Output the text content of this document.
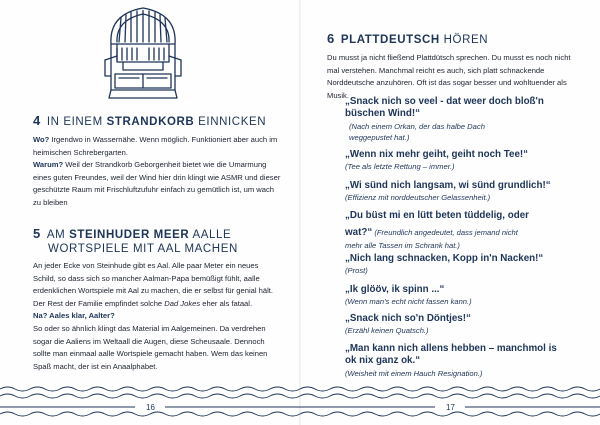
4 IN EINEM STRANDKORB EINNICKEN

Wo? Irgendwo in Wassernähe. Wenn möglich. Funktioniert aber auch im heimischen Schrebergarten.

Warum? Weil der Strandkorb Geborgenheit bietet wie die Umarmung eines guten Freundes, weil der Wind hier drin klingt wie ASMR und dieser geschützte Raum mit Frischluftzufuhr einfach zu gemütlich ist, um wach zu bleiben

5 AM STEINHUDER MEER AALLE
WORTSPIELE MIT AAL MACHEN

An jeder Ecke von Steinhude gibt es Aal. Alle paar Meter ein neues Schild, so dass sich so mancher Aalman-Papa bemüßigt fühlt, aalle erdenklichen Wortspiele mit Aal zu machen, die er selbst für genial hält. Der Rest der Familie empfindet solche Dad Jokes eher als fataal.

Na? Aales klar, Aalter?

So oder so ähnlich klingt das Material im Aalgemeinen. Da verdrehen sogar die Aaliens im Weltaall die Augen, diese Scheusaale. Dennoch sollte man einmaal aalle Wortspiele gemacht haben. Wem das keinen Spaß macht, der ist ein Anaalphabet.

16
6 PLATTDEUTSCH HÖREN
Du musst ja nicht fließend Plattdütsch sprechen. Du musst es noch nicht mal verstehen. Manchmal reicht es auch, sich platt schnackende Norddeutsche anzuhören. Oft ist das sogar besser und wohltuender als Musik.
„Snack nich so veel - dat weer doch bloß'n
büschen Wind!“
(Nach einem Orkan, der das halbe Dach
weggepustet hat.)
„Wenn nix mehr geiht, geiht noch Tee!“
(Tee als letzte Rettung – immer.)
„Wi sünd nich langsam, wi sünd grundlich!“
(Effizienz mit norddeutscher Gelassenheit.)
„Du büst mi en lütt beten tüddelig, oder
wat?“ (Freundlich angedeutet, dass jemand nicht
mehr alle Tassen im Schrank hat.)
„Nich lang schnacken, Kopp in'n Nacken!“
(Prost)
„Ik glööv, ik spinn ...“
(Wenn man's echt nicht fassen kann.)
„Snack nich so'n Döntjes!“
(Erzähl keinen Quatsch.)
„Man kann nich allens hebben – manchmol is
ok nix ganz ok.“
(Weisheit mit einem Hauch Resignation.)
17
